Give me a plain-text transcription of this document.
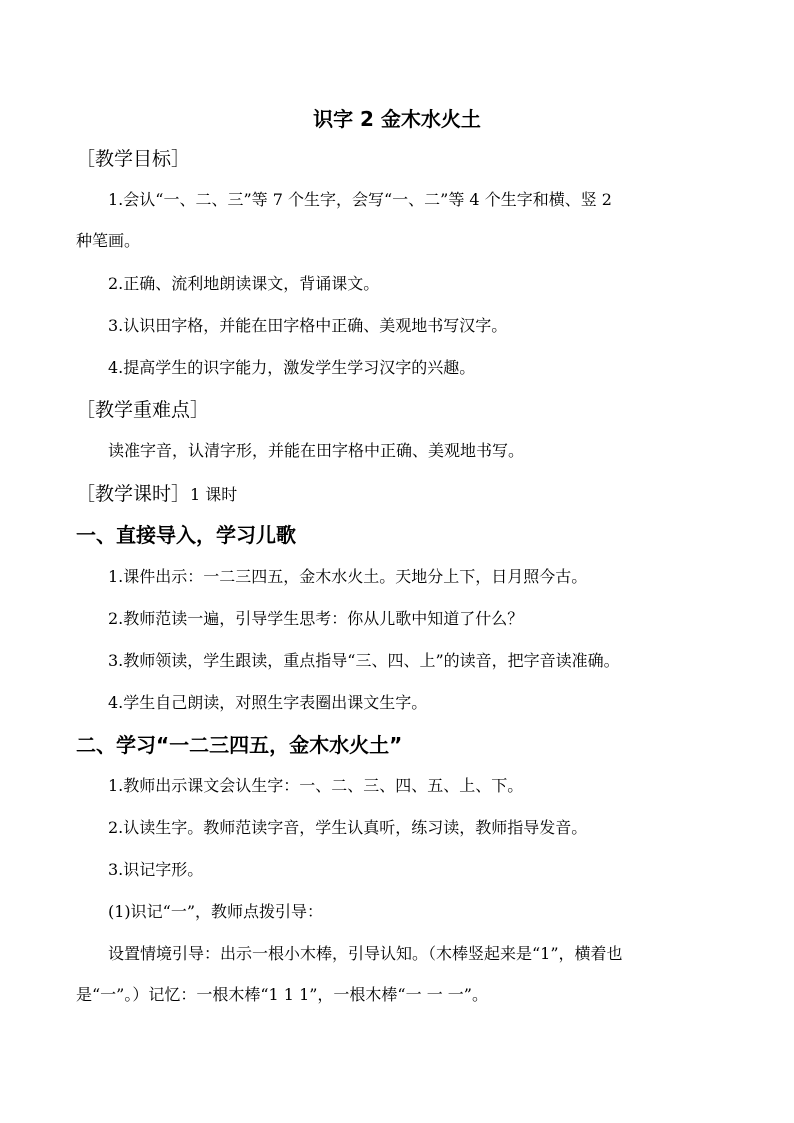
识字 2 金木水火土
［教学目标］
1.会认“一、二、三”等 7 个生字，会写“一、二”等 4 个生字和横、竖 2
种笔画。
2.正确、流利地朗读课文，背诵课文。
3.认识田字格，并能在田字格中正确、美观地书写汉字。
4.提高学生的识字能力，激发学生学习汉字的兴趣。
［教学重难点］
读准字音，认清字形，并能在田字格中正确、美观地书写。
［教学课时］1 课时
一、直接导入，学习儿歌
1.课件出示：一二三四五，金木水火土。天地分上下，日月照今古。
2.教师范读一遍，引导学生思考：你从儿歌中知道了什么？
3.教师领读，学生跟读，重点指导“三、四、上”的读音，把字音读准确。
4.学生自己朗读，对照生字表圈出课文生字。
二、学习“一二三四五，金木水火土”
1.教师出示课文会认生字：一、二、三、四、五、上、下。
2.认读生字。教师范读字音，学生认真听，练习读，教师指导发音。
3.识记字形。
(1)识记“一”，教师点拨引导：
设置情境引导：出示一根小木棒，引导认知。（木棒竖起来是“1”，横着也
是“一”。）记忆：一根木棒“1 1 1”，一根木棒“一 一 一”。
